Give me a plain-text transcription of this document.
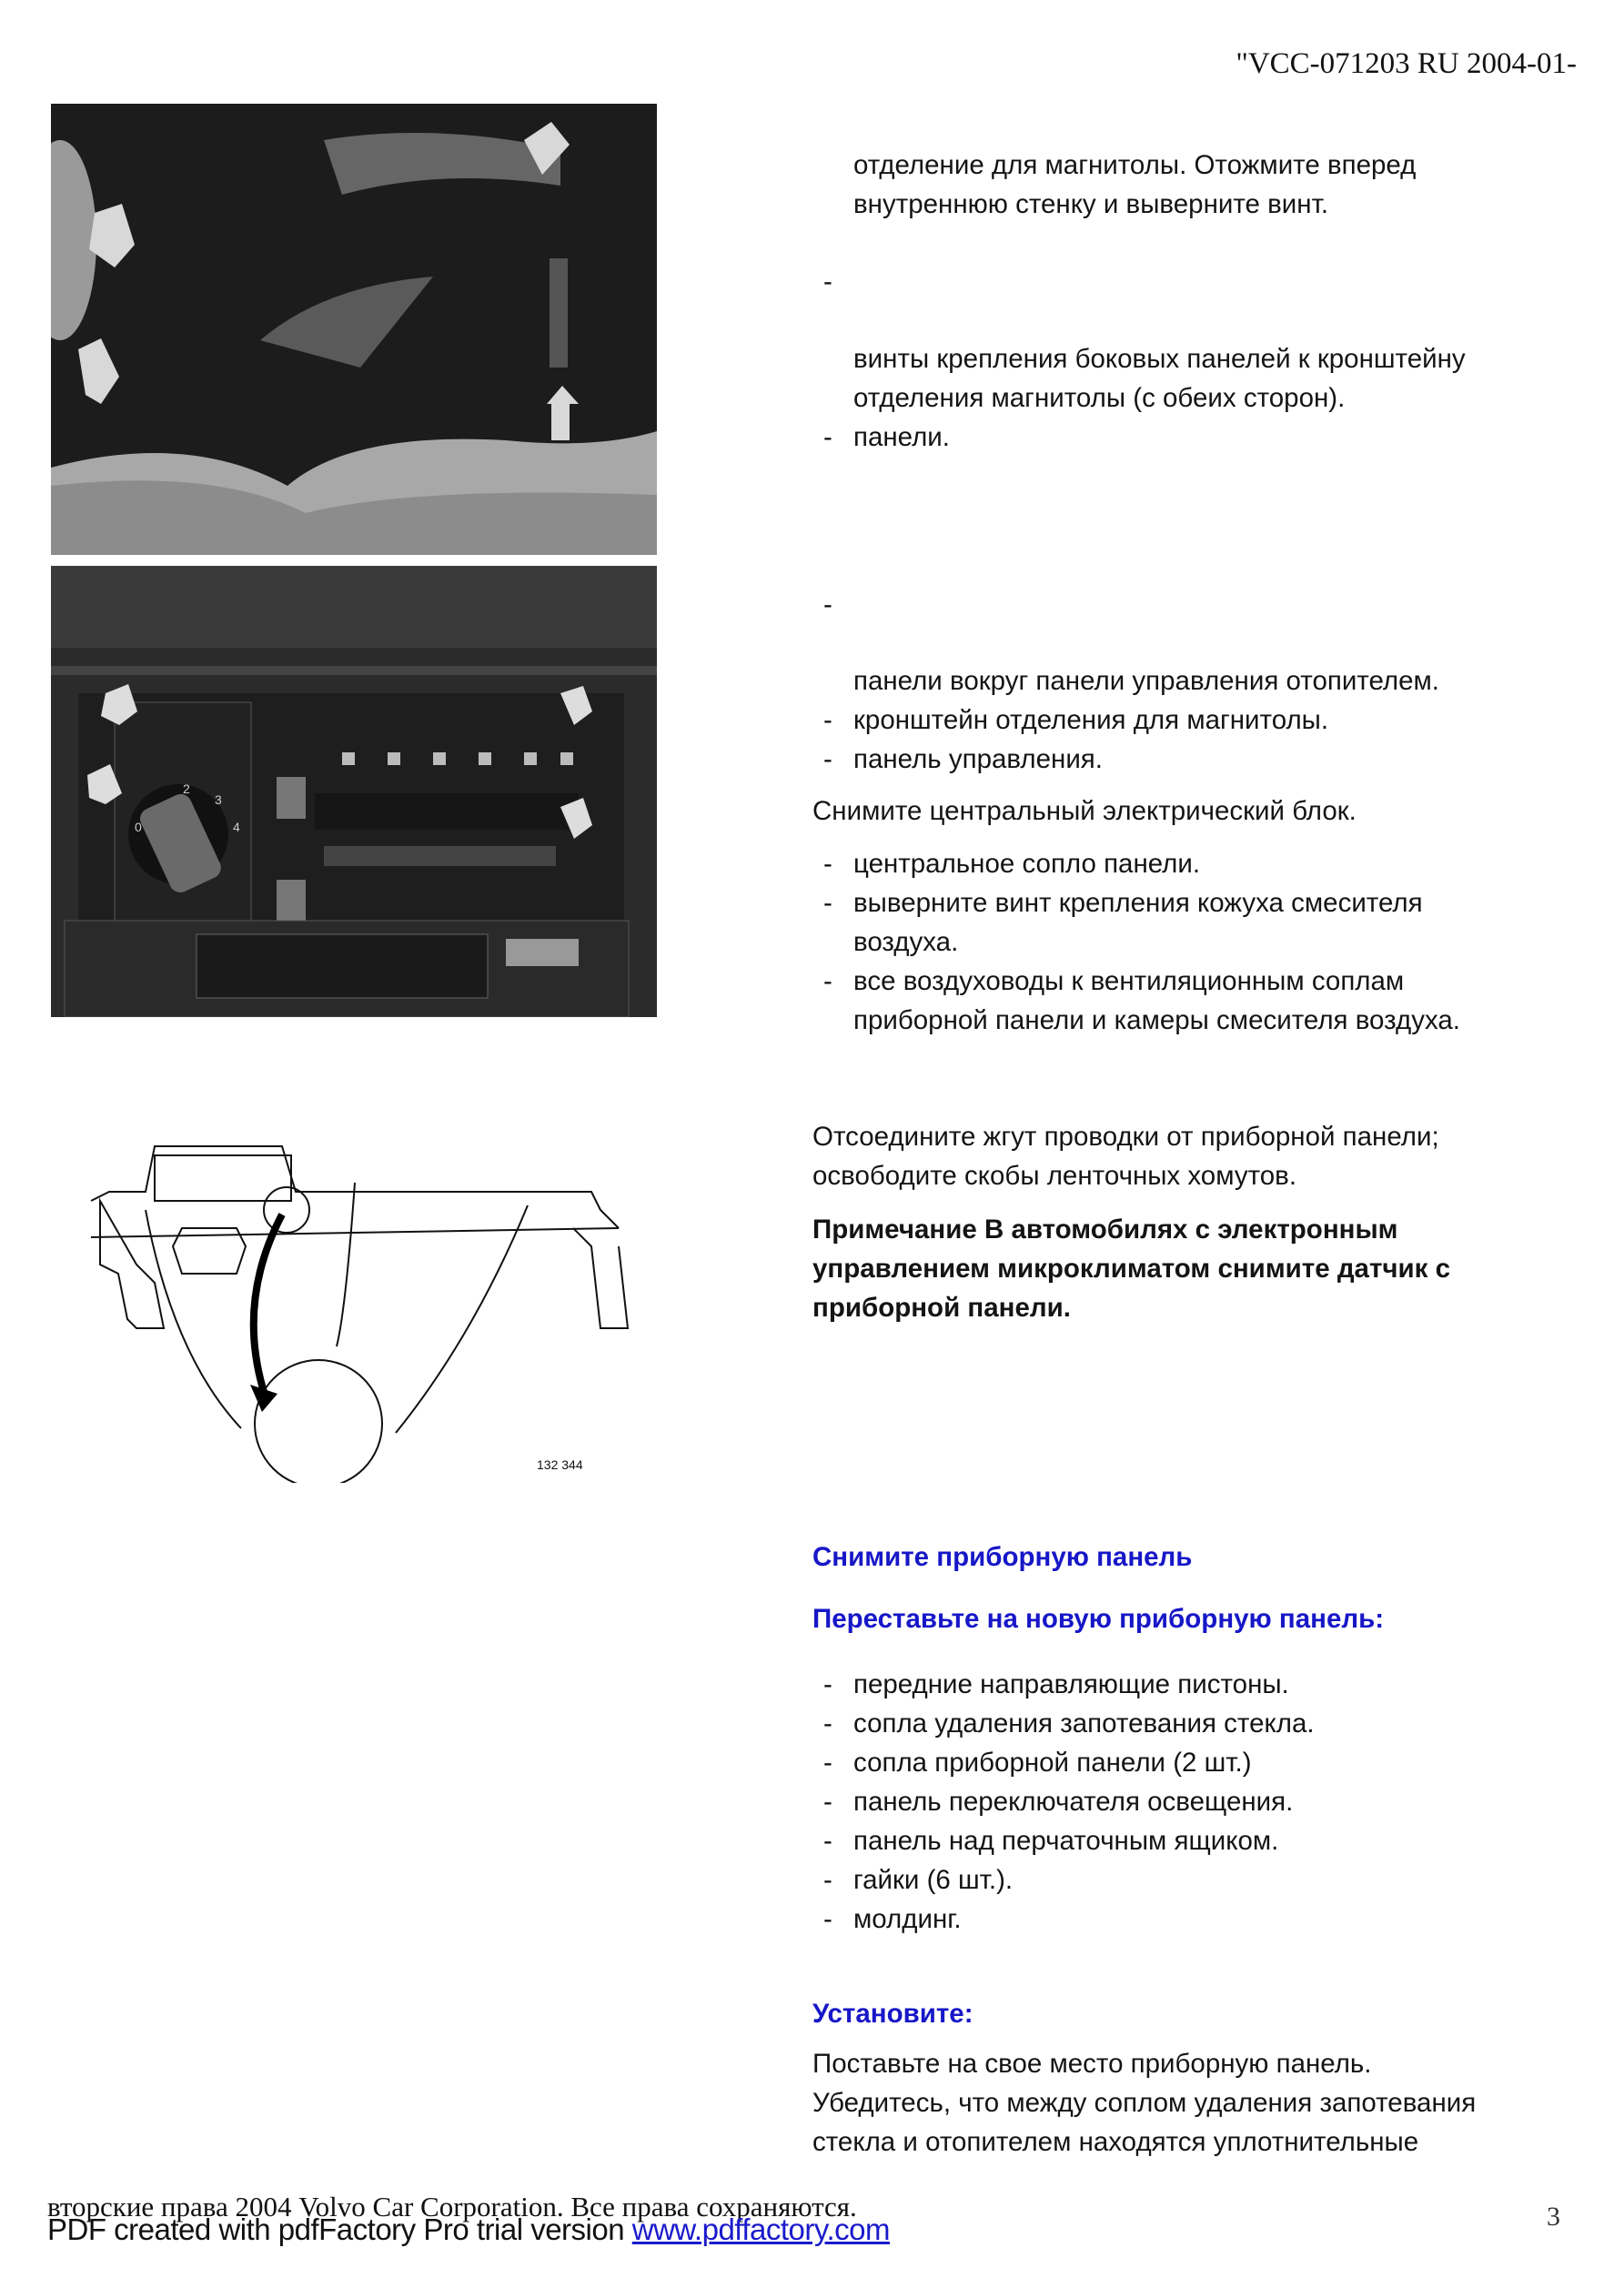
"VCC-071203 RU 2004-01-
2
3
4
0
132 344
отделение для магнитолы. Отожмите вперед
внутреннюю стенку и выверните винт.
-
винты крепления боковых панелей к кронштейну
отделения магнитолы (с обеих сторон).
- панели.
-
панели вокруг панели управления отопителем.
- кронштейн отделения для магнитолы.
- панель управления.
Снимите центральный электрический блок.
- центральное сопло панели.
- выверните винт крепления кожуха смесителя
воздуха.
- все воздуховоды к вентиляционным соплам
приборной панели и камеры смесителя воздуха.
Отсоедините жгут проводки от приборной панели;
освободите скобы ленточных хомутов.
Примечание В автомобилях с электронным
управлением микроклиматом снимите датчик с
приборной панели.
Снимите приборную панель
Переставьте на новую приборную панель:
- передние направляющие пистоны.
- сопла удаления запотевания стекла.
- сопла приборной панели (2 шт.)
- панель переключателя освещения.
- панель над перчаточным ящиком.
- гайки (6 шт.).
- молдинг.
Установите:
Поставьте на свое место приборную панель.
Убедитесь, что между соплом удаления запотевания
стекла и отопителем находятся уплотнительные
вторские права 2004 Volvo Car Corporation. Все права сохраняются.
PDF created with pdfFactory Pro trial version www.pdffactory.com	3
